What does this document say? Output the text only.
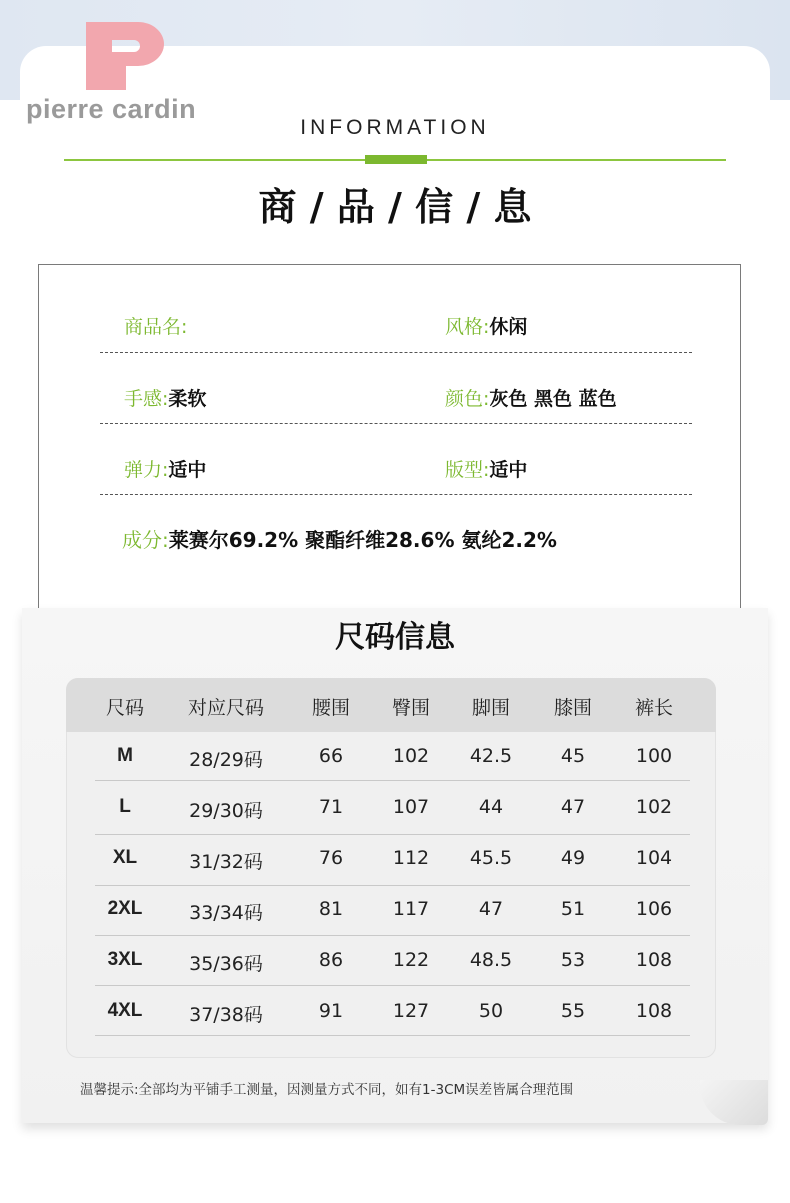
pierre cardin
INFORMATION
商 / 品 / 信 / 息
商品名:	风格:休闲
手感:柔软	颜色:灰色 黑色 蓝色
弹力:适中	版型:适中
成分:莱赛尔69.2% 聚酯纤维28.6% 氨纶2.2%
尺码信息
尺码	对应尺码	腰围	臀围	脚围	膝围	裤长
M	28/29码	66	102	42.5	45	100
L	29/30码	71	107	44	47	102
XL	31/32码	76	112	45.5	49	104
2XL	33/34码	81	117	47	51	106
3XL	35/36码	86	122	48.5	53	108
4XL	37/38码	91	127	50	55	108
温馨提示:全部均为平铺手工测量，因测量方式不同，如有1-3CM误差皆属合理范围
